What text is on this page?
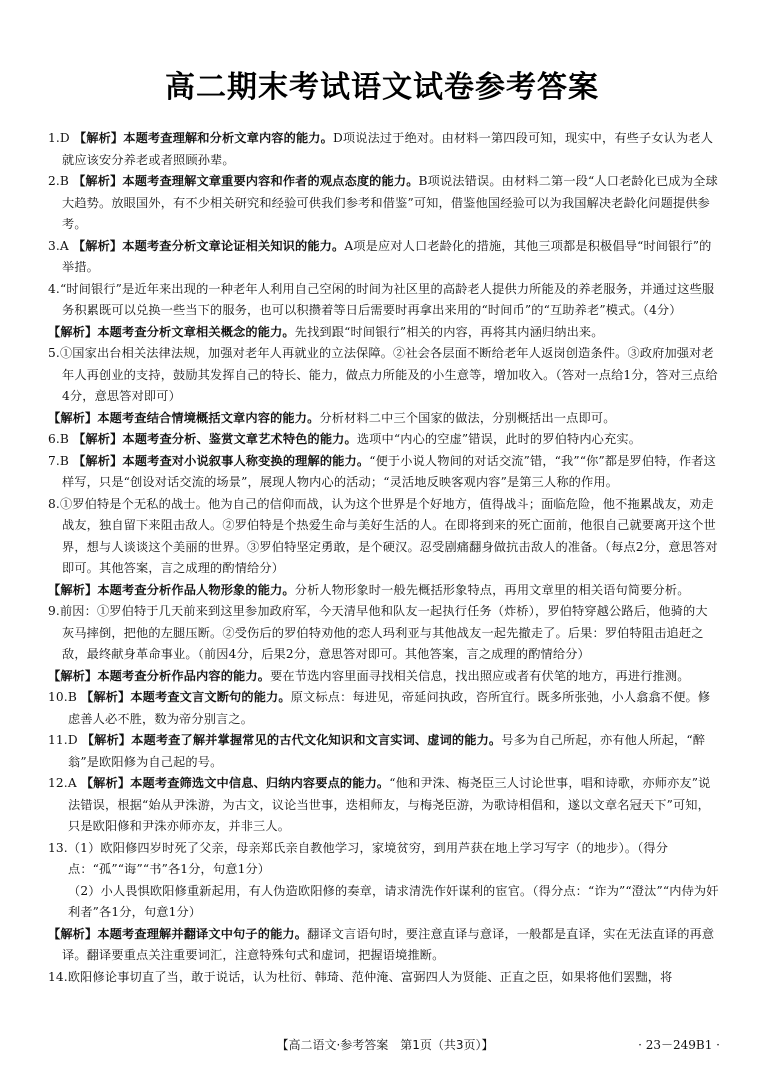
高二期末考试语文试卷参考答案

1.D 【解析】本题考查理解和分析文章内容的能力。D项说法过于绝对。由材料一第四段可知，现实中，有些子女认为老人就应该安分养老或者照顾孙辈。

2.B 【解析】本题考查理解文章重要内容和作者的观点态度的能力。B项说法错误。由材料二第一段“人口老龄化已成为全球大趋势。放眼国外，有不少相关研究和经验可供我们参考和借鉴”可知，借鉴他国经验可以为我国解决老龄化问题提供参考。

3.A 【解析】本题考查分析文章论证相关知识的能力。A项是应对人口老龄化的措施，其他三项都是积极倡导“时间银行”的举措。

4.“时间银行”是近年来出现的一种老年人利用自己空闲的时间为社区里的高龄老人提供力所能及的养老服务，并通过这些服务积累既可以兑换一些当下的服务，也可以积攒着等日后需要时再拿出来用的“时间币”的“互助养老”模式。（4分）

【解析】本题考查分析文章相关概念的能力。先找到跟“时间银行”相关的内容，再将其内涵归纳出来。

5.①国家出台相关法律法规，加强对老年人再就业的立法保障。②社会各层面不断给老年人返岗创造条件。③政府加强对老年人再创业的支持，鼓励其发挥自己的特长、能力，做点力所能及的小生意等，增加收入。（答对一点给1分，答对三点给4分，意思答对即可）

【解析】本题考查结合情境概括文章内容的能力。分析材料二中三个国家的做法，分别概括出一点即可。

6.B 【解析】本题考查分析、鉴赏文章艺术特色的能力。选项中“内心的空虚”错误，此时的罗伯特内心充实。

7.B 【解析】本题考查对小说叙事人称变换的理解的能力。“便于小说人物间的对话交流”错，“我”“你”都是罗伯特，作者这样写，只是“创设对话交流的场景”，展现人物内心的活动；“灵活地反映客观内容”是第三人称的作用。

8.①罗伯特是个无私的战士。他为自己的信仰而战，认为这个世界是个好地方，值得战斗；面临危险，他不拖累战友，劝走战友，独自留下来阻击敌人。②罗伯特是个热爱生命与美好生活的人。在即将到来的死亡面前，他很自己就要离开这个世界，想与人谈谈这个美丽的世界。③罗伯特坚定勇敢，是个硬汉。忍受剧痛翻身做抗击敌人的准备。（每点2分，意思答对即可。其他答案，言之成理的酌情给分）

【解析】本题考查分析作品人物形象的能力。分析人物形象时一般先概括形象特点，再用文章里的相关语句简要分析。

9.前因：①罗伯特于几天前来到这里参加政府军，今天清早他和队友一起执行任务（炸桥），罗伯特穿越公路后，他骑的大灰马摔倒，把他的左腿压断。②受伤后的罗伯特劝他的恋人玛利亚与其他战友一起先撤走了。后果：罗伯特阻击追赶之敌，最终献身革命事业。（前因4分，后果2分，意思答对即可。其他答案，言之成理的酌情给分）

【解析】本题考查分析作品内容的能力。要在节选内容里面寻找相关信息，找出照应或者有伏笔的地方，再进行推测。

10.B 【解析】本题考查文言文断句的能力。原文标点：每进见，帝延问执政，咨所宜行。既多所张弛，小人翕翕不便。修虑善人必不胜，数为帝分别言之。

11.D 【解析】本题考查了解并掌握常见的古代文化知识和文言实词、虚词的能力。号多为自己所起，亦有他人所起，“醉翁”是欧阳修为自己起的号。

12.A 【解析】本题考查筛选文中信息、归纳内容要点的能力。“他和尹洙、梅尧臣三人讨论世事，唱和诗歌，亦师亦友”说法错误，根据“始从尹洙游，为古文，议论当世事，迭相师友，与梅尧臣游，为歌诗相倡和，遂以文章名冠天下”可知，只是欧阳修和尹洙亦师亦友，并非三人。

13.（1）欧阳修四岁时死了父亲，母亲郑氏亲自教他学习，家境贫穷，到用芦获在地上学习写字（的地步）。（得分点：“孤”“诲”“书”各1分，句意1分）

（2）小人畏惧欧阳修重新起用，有人伪造欧阳修的奏章，请求清洗作奸谋利的宦官。（得分点：“诈为”“澄汰”“内侍为奸利者”各1分，句意1分）

【解析】本题考查理解并翻译文中句子的能力。翻译文言语句时，要注意直译与意译，一般都是直译，实在无法直译的再意译。翻译要重点关注重要词汇，注意特殊句式和虚词，把握语境推断。

14.欧阳修论事切直了当，敢于说话，认为杜衍、韩琦、范仲淹、富弼四人为贤能、正直之臣，如果将他们罢黜，将

【高二语文·参考答案　第1页（共3页）】	· 23－249B1 ·
